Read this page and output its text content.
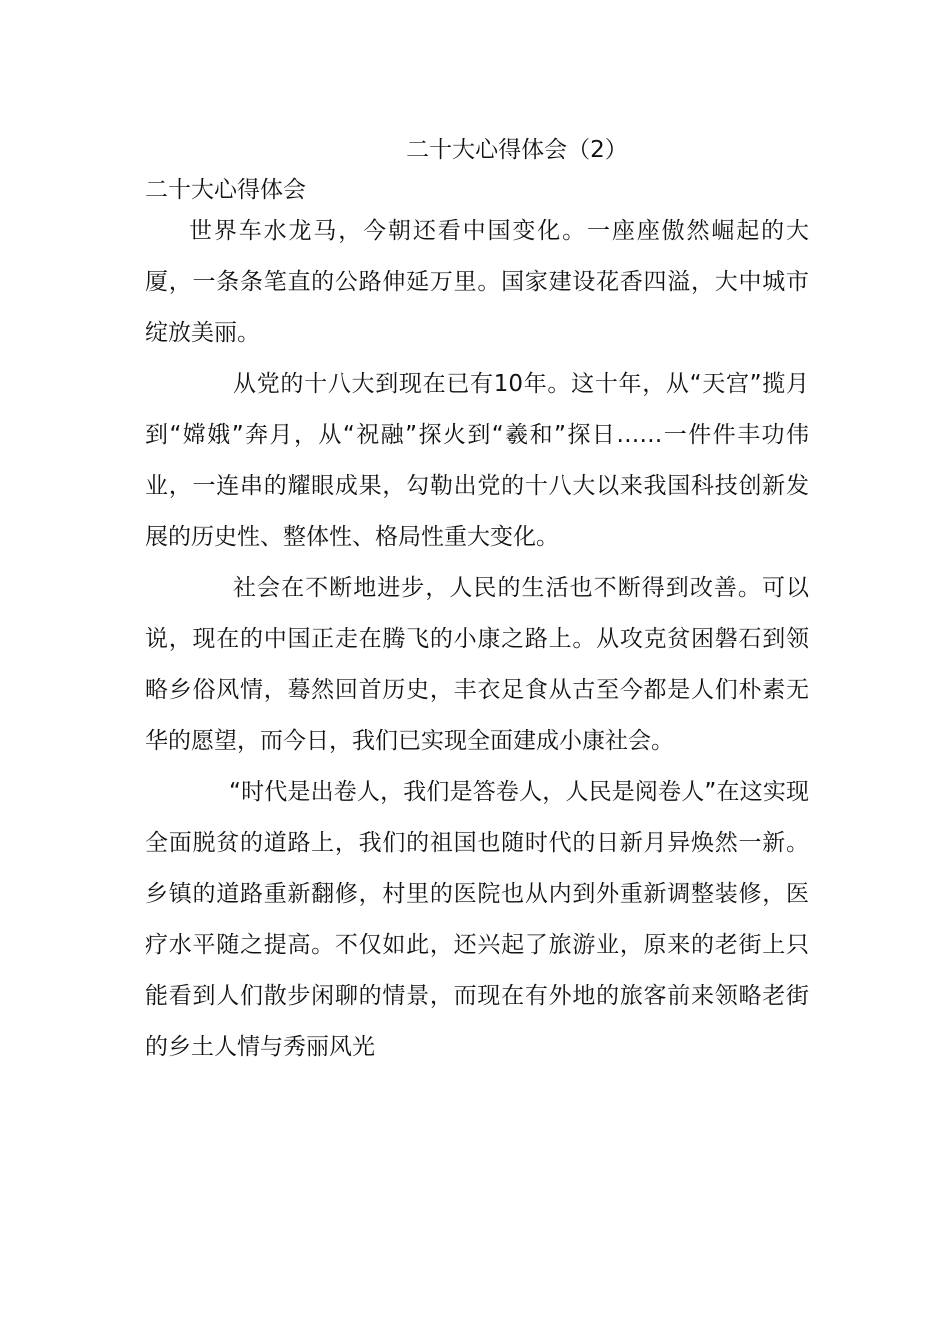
二十大心得体会（2）
二十大心得体会

世界车水龙马，今朝还看中国变化。一座座傲然崛起的大厦，一条条笔直的公路伸延万里。国家建设花香四溢，大中城市绽放美丽。

从党的十八大到现在已有10年。这十年，从“天宫”揽月到“嫦娥”奔月，从“祝融”探火到“羲和”探日……一件件丰功伟业，一连串的耀眼成果，勾勒出党的十八大以来我国科技创新发展的历史性、整体性、格局性重大变化。

社会在不断地进步，人民的生活也不断得到改善。可以说，现在的中国正走在腾飞的小康之路上。从攻克贫困磐石到领略乡俗风情，蓦然回首历史，丰衣足食从古至今都是人们朴素无华的愿望，而今日，我们已实现全面建成小康社会。

“时代是出卷人，我们是答卷人，人民是阅卷人”在这实现全面脱贫的道路上，我们的祖国也随时代的日新月异焕然一新。乡镇的道路重新翻修，村里的医院也从内到外重新调整装修，医疗水平随之提高。不仅如此，还兴起了旅游业，原来的老街上只能看到人们散步闲聊的情景，而现在有外地的旅客前来领略老街的乡土人情与秀丽风光
